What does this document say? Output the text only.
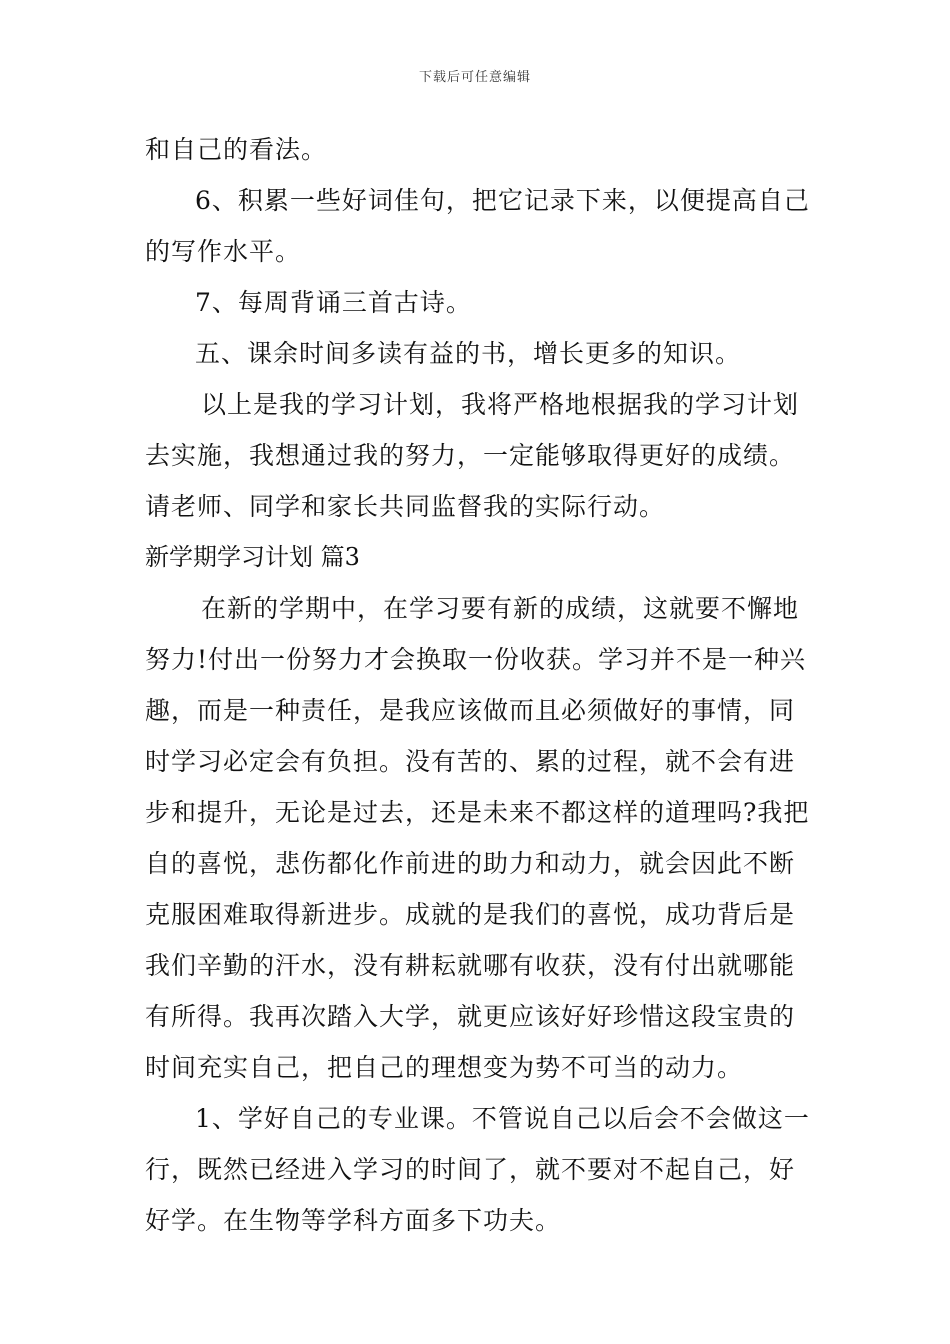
下载后可任意编辑
和自己的看法。
6、积累一些好词佳句，把它记录下来，以便提高自己
的写作水平。
7、每周背诵三首古诗。
五、课余时间多读有益的书，增长更多的知识。
以上是我的学习计划，我将严格地根据我的学习计划
去实施，我想通过我的努力，一定能够取得更好的成绩。
请老师、同学和家长共同监督我的实际行动。
新学期学习计划 篇3
在新的学期中，在学习要有新的成绩，这就要不懈地
努力!付出一份努力才会换取一份收获。学习并不是一种兴
趣，而是一种责任，是我应该做而且必须做好的事情，同
时学习必定会有负担。没有苦的、累的过程，就不会有进
步和提升，无论是过去，还是未来不都这样的道理吗?我把
自的喜悦，悲伤都化作前进的助力和动力，就会因此不断
克服困难取得新进步。成就的是我们的喜悦，成功背后是
我们辛勤的汗水，没有耕耘就哪有收获，没有付出就哪能
有所得。我再次踏入大学，就更应该好好珍惜这段宝贵的
时间充实自己，把自己的理想变为势不可当的动力。
1、学好自己的专业课。不管说自己以后会不会做这一
行，既然已经进入学习的时间了，就不要对不起自己，好
好学。在生物等学科方面多下功夫。
